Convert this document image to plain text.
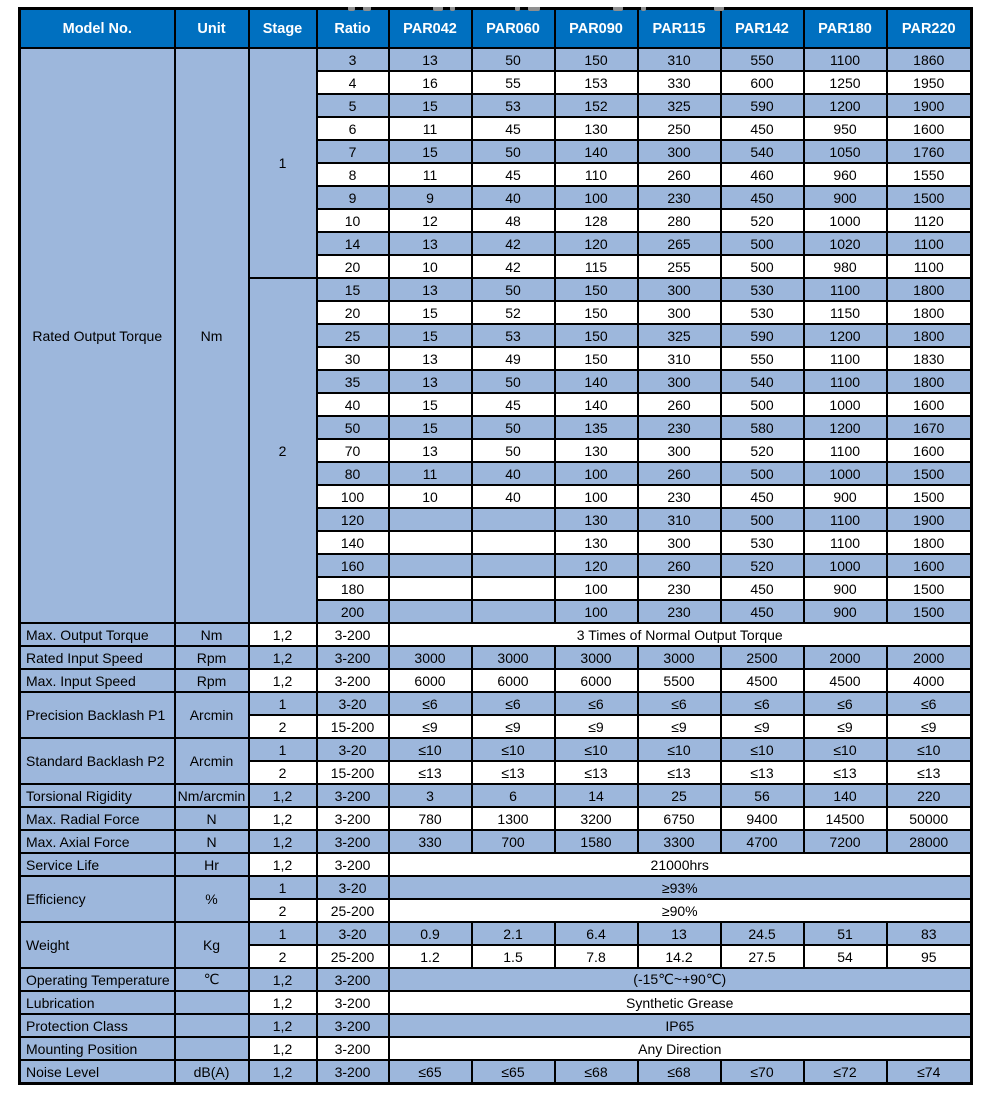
Model No.	Unit	Stage	Ratio	PAR042	PAR060	PAR090	PAR115	PAR142	PAR180	PAR220
Rated Output Torque	Nm	1	3	13	50	150	310	550	1100	1860
			4	16	55	153	330	600	1250	1950
			5	15	53	152	325	590	1200	1900
			6	11	45	130	250	450	950	1600
			7	15	50	140	300	540	1050	1760
			8	11	45	110	260	460	960	1550
			9	9	40	100	230	450	900	1500
			10	12	48	128	280	520	1000	1120
			14	13	42	120	265	500	1020	1100
			20	10	42	115	255	500	980	1100
		2	15	13	50	150	300	530	1100	1800
			20	15	52	150	300	530	1150	1800
			25	15	53	150	325	590	1200	1800
			30	13	49	150	310	550	1100	1830
			35	13	50	140	300	540	1100	1800
			40	15	45	140	260	500	1000	1600
			50	15	50	135	230	580	1200	1670
			70	13	50	130	300	520	1100	1600
			80	11	40	100	260	500	1000	1500
			100	10	40	100	230	450	900	1500
			120			130	310	500	1100	1900
			140			130	300	530	1100	1800
			160			120	260	520	1000	1600
			180			100	230	450	900	1500
			200			100	230	450	900	1500
Max. Output Torque	Nm	1,2	3-200	3 Times of Normal Output Torque						
Rated Input Speed	Rpm	1,2	3-200	3000	3000	3000	3000	2500	2000	2000
Max. Input Speed	Rpm	1,2	3-200	6000	6000	6000	5500	4500	4500	4000
Precision Backlash P1	Arcmin	1	3-20	≤6	≤6	≤6	≤6	≤6	≤6	≤6
		2	15-200	≤9	≤9	≤9	≤9	≤9	≤9	≤9
Standard Backlash P2	Arcmin	1	3-20	≤10	≤10	≤10	≤10	≤10	≤10	≤10
		2	15-200	≤13	≤13	≤13	≤13	≤13	≤13	≤13
Torsional Rigidity	Nm/arcmin	1,2	3-200	3	6	14	25	56	140	220
Max. Radial Force	N	1,2	3-200	780	1300	3200	6750	9400	14500	50000
Max. Axial Force	N	1,2	3-200	330	700	1580	3300	4700	7200	28000
Service Life	Hr	1,2	3-200	21000hrs						
Efficiency	%	1	3-20	≥93%						
		2	25-200	≥90%						
Weight	Kg	1	3-20	0.9	2.1	6.4	13	24.5	51	83
		2	25-200	1.2	1.5	7.8	14.2	27.5	54	95
Operating Temperature	℃	1,2	3-200	(-15℃~+90℃)						
Lubrication		1,2	3-200	Synthetic Grease						
Protection Class		1,2	3-200	IP65						
Mounting Position		1,2	3-200	Any Direction						
Noise Level	dB(A)	1,2	3-200	≤65	≤65	≤68	≤68	≤70	≤72	≤74
